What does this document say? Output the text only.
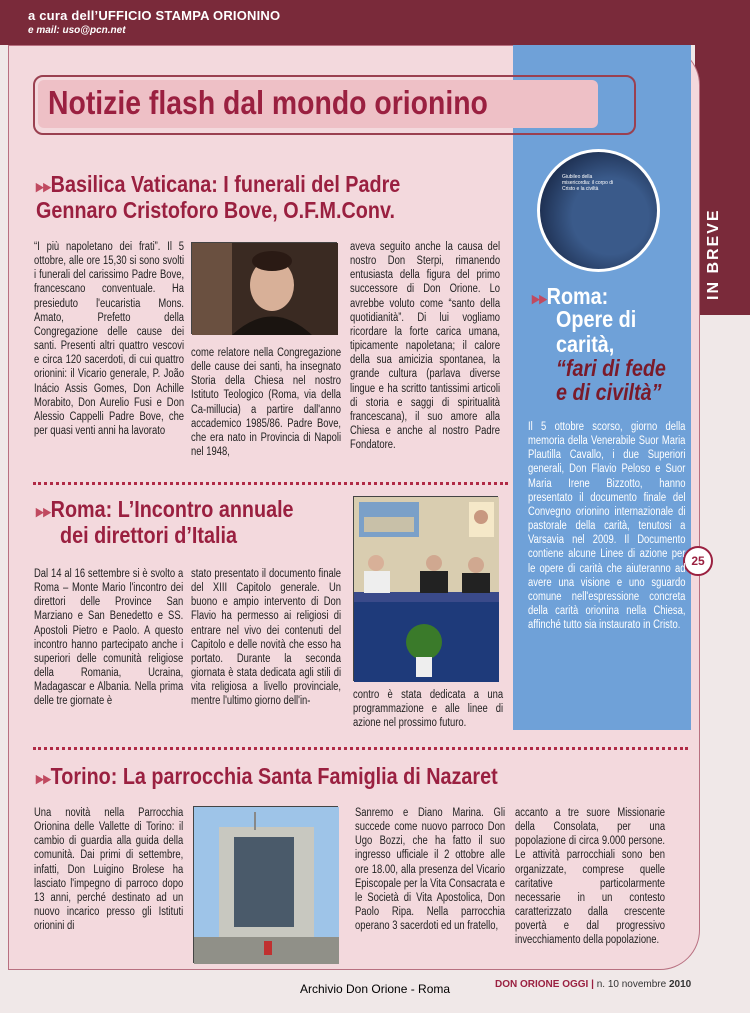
a cura dell’UFFICIO STAMPA ORIONINO
e mail: uso@pcn.net
IN BREVE
25
Notizie flash dal mondo orionino
▸▸Basilica Vaticana: I funerali del Padre
Gennaro Cristoforo Bove, O.F.M.Conv.
“I più napoletano dei frati”. Il 5 ottobre, alle ore 15,30 si sono svolti i funerali del carissimo Padre Bove, francescano conventuale. Ha presieduto l'eucaristia Mons. Amato, Prefetto della Congregazione delle cause dei santi. Presenti altri quattro vescovi e circa 120 sacerdoti, di cui quattro orionini: il Vicario generale, P. João Inácio Assis Gomes, Don Achille Morabito, Don Aurelio Fusi e Don Alessio Cappelli Padre Bove, che per quasi venti anni ha lavorato
come relatore nella Congregazione delle cause dei santi, ha insegnato Storia della Chiesa nel nostro Istituto Teologico (Roma, via della Ca-millucia) a partire dall'anno accademico 1985/86. Padre Bove, che era nato in Provincia di Napoli nel 1948,
aveva seguito anche la causa del nostro Don Sterpi, rimanendo entusiasta della figura del primo successore di Don Orione. Lo avrebbe voluto come “santo della quotidianità”. Di lui vogliamo ricordare la forte carica umana, tipicamente napoletana; il calore della sua amicizia spontanea, la grande cultura (parlava diverse lingue e ha scritto tantissimi articoli di storia e saggi di spiritualità francescana), il suo amore alla Chiesa e anche al nostro Padre Fondatore.
▸▸Roma: L’Incontro annuale
dei direttori d’Italia
Dal 14 al 16 settembre si è svolto a Roma – Monte Mario l'incontro dei direttori delle Province San Marziano e San Benedetto e SS. Apostoli Pietro e Paolo. A questo incontro hanno partecipato anche i superiori delle comunità religiose della Romania, Ucraina, Madagascar e Albania. Nella prima delle tre giornate è
stato presentato il documento finale del XIII Capitolo generale. Un buono e ampio intervento di Don Flavio ha permesso ai religiosi di entrare nel vivo dei contenuti del Capitolo e delle novità che esso ha portato. Durante la seconda giornata è stata dedicata agli stili di vita religiosa a livello provinciale, mentre l'ultimo giorno dell'in-
contro è stata dedicata a una programmazione e alle linee di azione nel prossimo futuro.
▸▸Torino: La parrocchia Santa Famiglia di Nazaret
Una novità nella Parrocchia Orionina delle Vallette di Torino: il cambio di guardia alla guida della comunità. Dai primi di settembre, infatti, Don Luigino Brolese ha lasciato l'impegno di parroco dopo 13 anni, perché destinato ad un nuovo incarico presso gli Istituti orionini di
Sanremo e Diano Marina. Gli succede come nuovo parroco Don Ugo Bozzi, che ha fatto il suo ingresso ufficiale il 2 ottobre alle ore 18.00, alla presenza del Vicario Episcopale per la Vita Consacrata e le Società di Vita Apostolica, Don Paolo Ripa. Nella parrocchia operano 3 sacerdoti ed un fratello,
accanto a tre suore Missionarie della Consolata, per una popolazione di circa 9.000 persone. Le attività parrocchiali sono ben organizzate, comprese quelle caritative particolarmente necessarie in un contesto caratterizzato dalla crescente povertà e dal progressivo invecchiamento della popolazione.
Giubileo della misericordia: il corpo di Cristo e la civiltà
▸▸Roma:
Opere di
carità,
“fari di fede
e di civiltà”
Il 5 ottobre scorso, giorno della memoria della Venerabile Suor Maria Plautilla Cavallo, i due Superiori generali, Don Flavio Peloso e Suor Maria Irene Bizzotto, hanno presentato il documento finale del Convegno orionino internazionale di pastorale della carità, tenutosi a Varsavia nel 2009. Il Documento contiene alcune Linee di azione per le opere di carità che aiuteranno ad avere una visione e uno sguardo comune nell'espressione concreta della carità orionina nella Chiesa, affinché tutto sia instaurato in Cristo.
Archivio Don Orione - Roma	DON ORIONE OGGI | n. 10 novembre 2010
